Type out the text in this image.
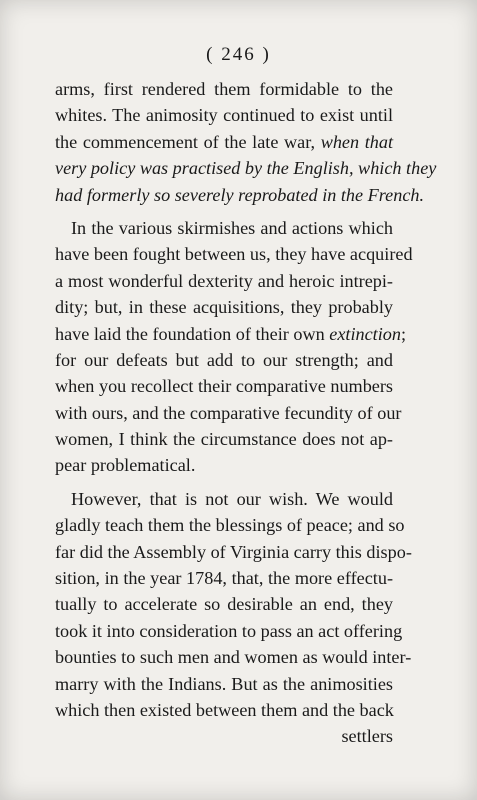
( 246 )
arms, first rendered them formidable to the
whites. The animosity continued to exist until
the commencement of the late war, when that
very policy was practised by the English, which they
had formerly so severely reprobated in the French.
In the various skirmishes and actions which
have been fought between us, they have acquired
a most wonderful dexterity and heroic intrepi-
dity; but, in these acquisitions, they probably
have laid the foundation of their own extinction;
for our defeats but add to our strength; and
when you recollect their comparative numbers
with ours, and the comparative fecundity of our
women, I think the circumstance does not ap-
pear problematical.
However, that is not our wish. We would
gladly teach them the blessings of peace; and so
far did the Assembly of Virginia carry this dispo-
sition, in the year 1784, that, the more effectu-
tually to accelerate so desirable an end, they
took it into consideration to pass an act offering
bounties to such men and women as would inter-
marry with the Indians. But as the animosities
which then existed between them and the back
settlers
